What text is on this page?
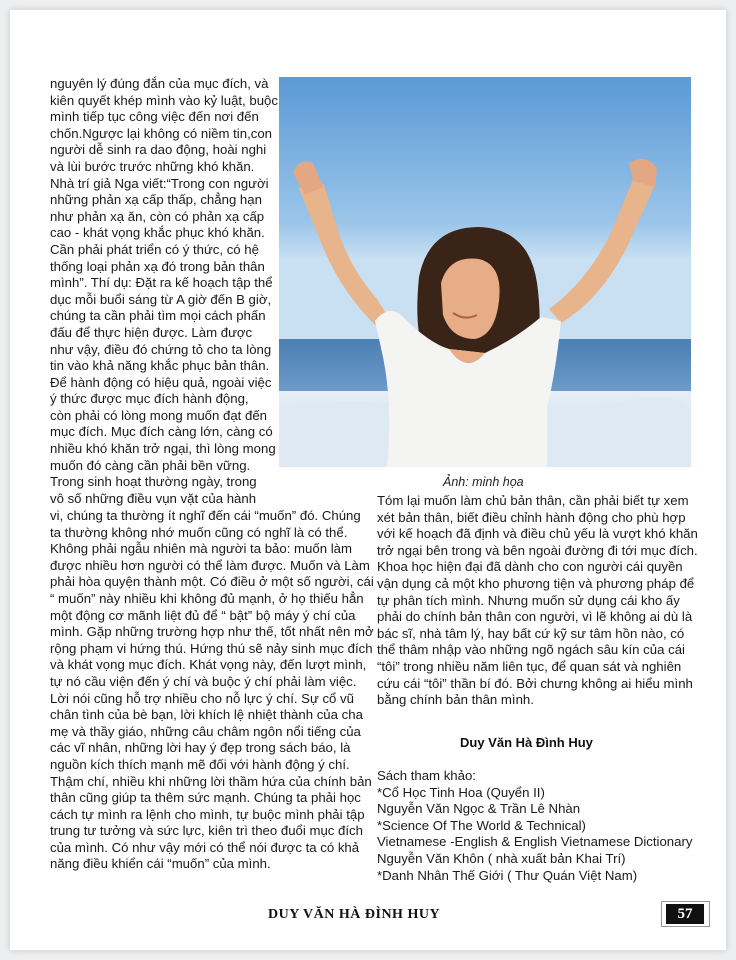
nguyên lý đúng đắn của mục đích, và
kiên quyết khép mình vào kỷ luật, buộc
mình tiếp tục công việc đến nơi đến
chốn.Ngược lại không có niềm tin,con
người dễ sinh ra dao động, hoài nghi
và lùi bước trước những khó khăn.
Nhà trí giả Nga viết:“Trong con người
những phản xạ cấp thấp, chẳng hạn
như phản xạ ăn, còn có phản xạ cấp
cao - khát vọng khắc phục khó khăn.
Cần phải phát triển có ý thức, có hệ
thống loại phản xạ đó trong bản thân
mình”. Thí dụ: Đặt ra kế hoạch tập thể
dục mỗi buổi sáng từ A giờ đến B giờ,
chúng ta cần phải tìm mọi cách phấn
đấu để thực hiện được. Làm được
như vậy, điều đó chứng tỏ cho ta lòng
tin vào khả năng khắc phục bản thân.
Để hành động có hiệu quả, ngoài việc
ý thức được mục đích hành động,
còn phải có lòng mong muốn đạt đến
mục đích. Mục đích càng lớn, càng có
nhiều khó khăn trở ngại, thì lòng mong
muốn đó càng cần phải bền vững.
Trong sinh hoạt thường ngày, trong
vô số những điều vụn vặt của hành
Ảnh: minh họa
vi, chúng ta thường ít nghĩ đến cái “muốn” đó. Chúng
ta thường không nhớ muốn cũng có nghĩ là có thể.
Không phải ngẫu nhiên mà người ta bảo: muốn làm
được nhiều hơn người có thể làm được. Muốn và Làm
phải hòa quyện thành một. Có điều ở một số người, cái
“ muốn” này nhiều khi không đủ mạnh, ở họ thiếu hẳn
một động cơ mãnh liệt đủ để “ bật” bộ máy ý chí của
mình. Gặp những trường hợp như thế, tốt nhất nên mở
rộng phạm vi hứng thú. Hứng thú sẽ nảy sinh mục đích
và khát vọng mục đích. Khát vọng này, đến lượt mình,
tự nó cầu viện đến ý chí và buộc ý chí phải làm việc.
Lời nói cũng hỗ trợ nhiều cho nỗ lực ý chí. Sự cổ vũ
chân tình của bè bạn, lời khích lệ nhiệt thành của cha
mẹ và thầy giáo, những câu châm ngôn nổi tiếng của
các vĩ nhân, những lời hay ý đẹp trong sách báo, là
nguồn kích thích mạnh mẽ đối với hành động ý chí.
Thậm chí, nhiều khi những lời thầm hứa của chính bản
thân cũng giúp ta thêm sức mạnh. Chúng ta phải học
cách tự mình ra lệnh cho mình, tự buộc mình phải tập
trung tư tưởng và sức lực, kiên trì theo đuổi mục đích
của mình. Có như vậy mới có thể nói được ta có khả
năng điều khiển cái “muốn” của mình.
Tóm lại muốn làm chủ bản thân, cần phải biết tự xem
xét bản thân, biết điều chỉnh hành động cho phù hợp
với kế hoạch đã định và điều chủ yếu là vượt khó khăn
trở ngại bên trong và bên ngoài đường đi tới mục đích.
Khoa học hiện đại đã dành cho con người cái quyền
vận dụng cả một kho phương tiện và phương pháp để
tự phân tích mình. Nhưng muốn sử dụng cái kho ấy
phải do chính bản thân con người, vì lẽ không ai dù là
bác sĩ, nhà tâm lý, hay bất cứ kỹ sư tâm hồn nào, có
thể thâm nhập vào những ngõ ngách sâu kín của cái
“tôi” trong nhiều năm liên tục, để quan sát và nghiên
cứu cái “tôi” thần bí đó. Bởi chưng không ai hiểu mình
bằng chính bản thân mình.
Duy Văn Hà Đình Huy
Sách tham khảo:
*Cổ Học Tinh Hoa (Quyển II)
Nguyễn Văn Ngọc & Trần Lê Nhàn
*Science Of The World & Technical)
Vietnamese -English & English Vietnamese Dictionary
Nguyễn Văn Khôn ( nhà xuất bản Khai Trí)
*Danh Nhân Thế Giới ( Thư Quán Việt Nam)
DUY VĂN HÀ ĐÌNH HUY	57
